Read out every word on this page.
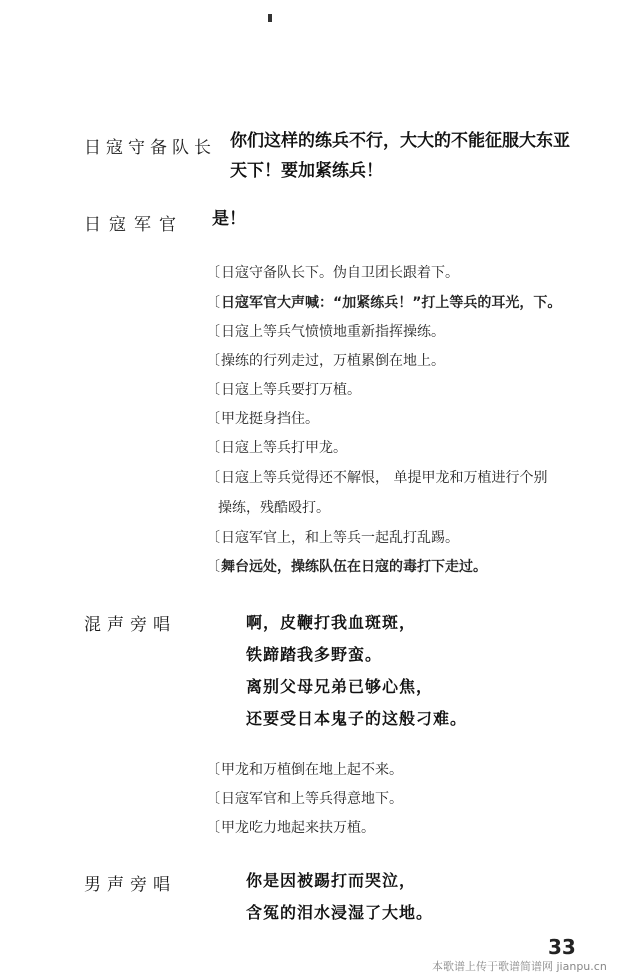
日寇守备队长 你们这样的练兵不行，大大的不能征服大东亚
天下！要加紧练兵！
日寇军官 是！
〔日寇守备队长下。伪自卫团长跟着下。
〔日寇军官大声喊：“加紧练兵！”打上等兵的耳光，下。
〔日寇上等兵气愤愤地重新指挥操练。
〔操练的行列走过，万植累倒在地上。
〔日寇上等兵要打万植。
〔甲龙挺身挡住。
〔日寇上等兵打甲龙。
〔日寇上等兵觉得还不解恨， 单提甲龙和万植进行个别
操练，残酷殴打。
〔日寇军官上，和上等兵一起乱打乱踢。
〔舞台远处，操练队伍在日寇的毒打下走过。
混声旁唱	啊，皮鞭打我血斑斑，
铁蹄踏我多野蛮。
离别父母兄弟已够心焦，
还要受日本鬼子的这般刁难。
〔甲龙和万植倒在地上起不来。
〔日寇军官和上等兵得意地下。
〔甲龙吃力地起来扶万植。
男声旁唱	你是因被踢打而哭泣，
含冤的泪水浸湿了大地。
33
本歌谱上传于歌谱简谱网 jianpu.cn
